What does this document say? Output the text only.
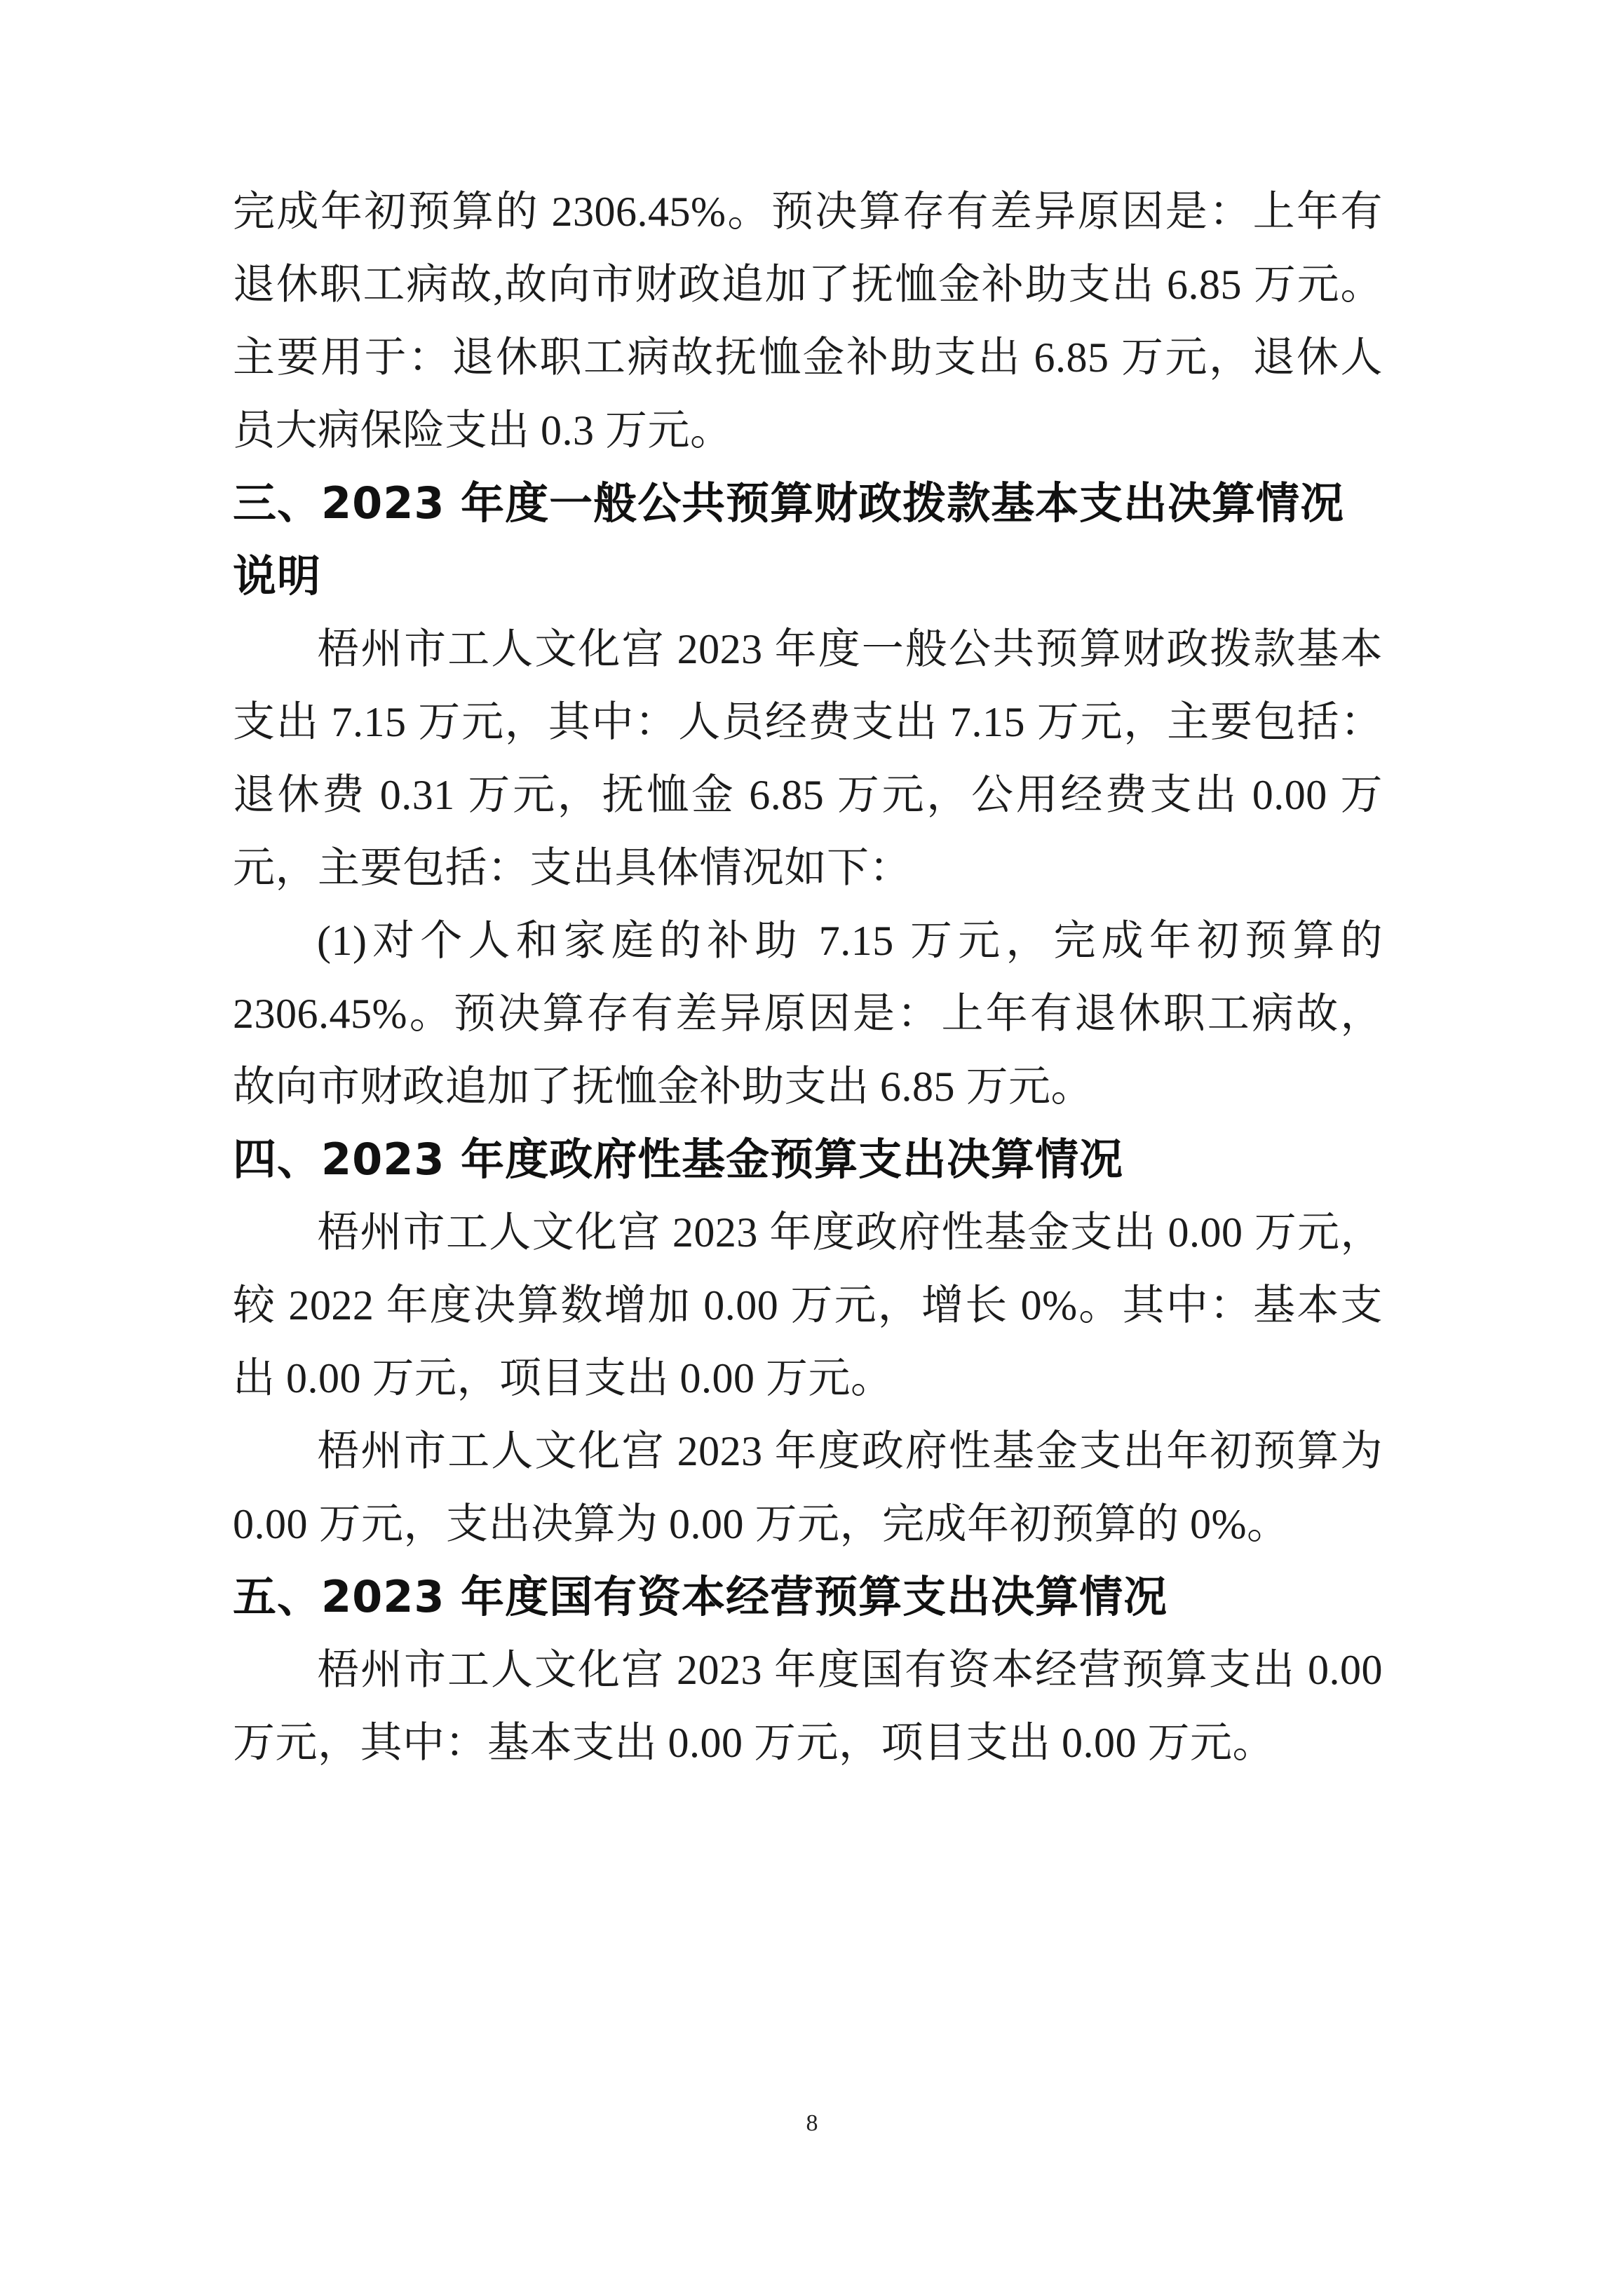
完成年初预算的 2306.45%。预决算存有差异原因是：上年有退休职工病故,故向市财政追加了抚恤金补助支出 6.85 万元。主要用于：退休职工病故抚恤金补助支出 6.85 万元，退休人员大病保险支出 0.3 万元。

三、2023 年度一般公共预算财政拨款基本支出决算情况说明

梧州市工人文化宫 2023 年度一般公共预算财政拨款基本支出 7.15 万元，其中：人员经费支出 7.15 万元，主要包括：退休费 0.31 万元，抚恤金 6.85 万元，公用经费支出 0.00 万元，主要包括：支出具体情况如下：

(1)对个人和家庭的补助 7.15 万元，完成年初预算的 2306.45%。预决算存有差异原因是：上年有退休职工病故，故向市财政追加了抚恤金补助支出 6.85 万元。

四、2023 年度政府性基金预算支出决算情况

梧州市工人文化宫 2023 年度政府性基金支出 0.00 万元，较 2022 年度决算数增加 0.00 万元，增长 0%。其中：基本支出 0.00 万元，项目支出 0.00 万元。

梧州市工人文化宫 2023 年度政府性基金支出年初预算为 0.00 万元，支出决算为 0.00 万元，完成年初预算的 0%。

五、2023 年度国有资本经营预算支出决算情况

梧州市工人文化宫 2023 年度国有资本经营预算支出 0.00 万元，其中：基本支出 0.00 万元，项目支出 0.00 万元。

8
